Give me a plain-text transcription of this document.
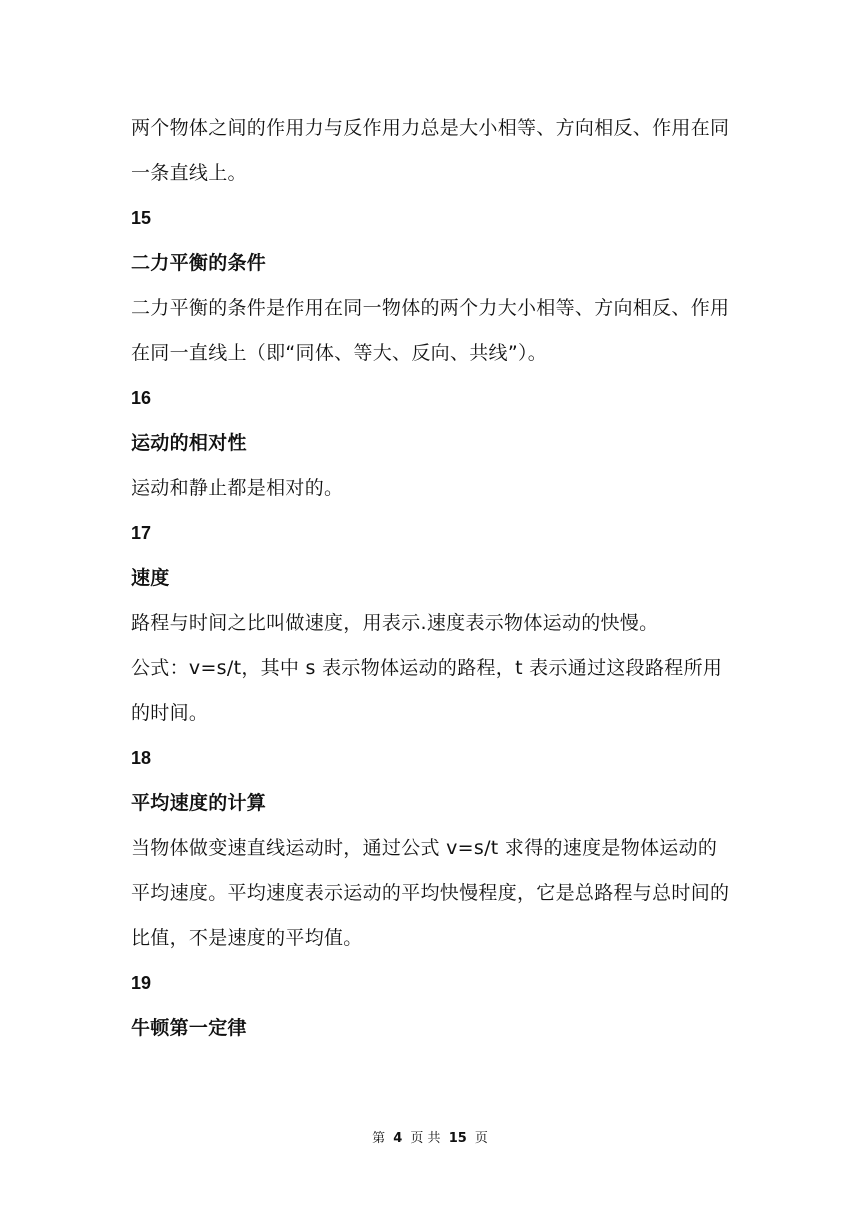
两个物体之间的作用力与反作用力总是大小相等、方向相反、作用在同一条直线上。

15

二力平衡的条件

二力平衡的条件是作用在同一物体的两个力大小相等、方向相反、作用在同一直线上（即“同体、等大、反向、共线”）。

16

运动的相对性

运动和静止都是相对的。

17

速度

路程与时间之比叫做速度，用表示.速度表示物体运动的快慢。

公式：v=s/t，其中 s 表示物体运动的路程，t 表示通过这段路程所用的时间。

18

平均速度的计算

当物体做变速直线运动时，通过公式 v=s/t 求得的速度是物体运动的平均速度。平均速度表示运动的平均快慢程度，它是总路程与总时间的比值，不是速度的平均值。

19

牛顿第一定律

第 4 页 共 15 页
